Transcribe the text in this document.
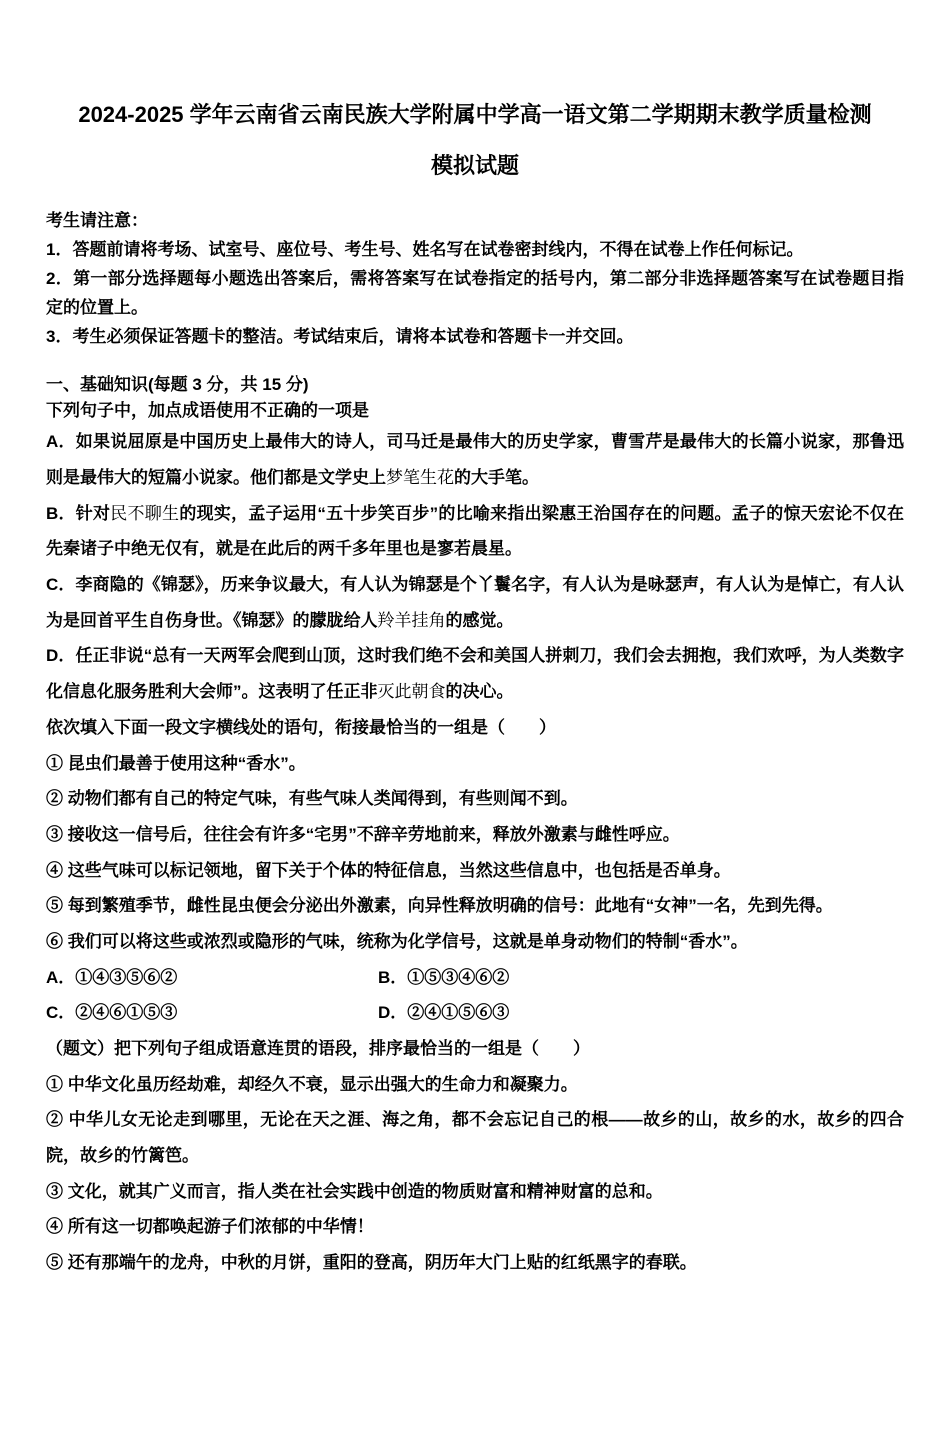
2024-2025 学年云南省云南民族大学附属中学高一语文第二学期期末教学质量检测模拟试题

考生请注意：

1．答题前请将考场、试室号、座位号、考生号、姓名写在试卷密封线内，不得在试卷上作任何标记。

2．第一部分选择题每小题选出答案后，需将答案写在试卷指定的括号内，第二部分非选择题答案写在试卷题目指定的位置上。

3．考生必须保证答题卡的整洁。考试结束后，请将本试卷和答题卡一并交回。

一、基础知识(每题 3 分，共 15 分)

下列句子中，加点成语使用不正确的一项是

A．如果说屈原是中国历史上最伟大的诗人，司马迁是最伟大的历史学家，曹雪芹是最伟大的长篇小说家，那鲁迅则是最伟大的短篇小说家。他们都是文学史上梦笔生花的大手笔。

B．针对民不聊生的现实，孟子运用“五十步笑百步”的比喻来指出梁惠王治国存在的问题。孟子的惊天宏论不仅在先秦诸子中绝无仅有，就是在此后的两千多年里也是寥若晨星。

C．李商隐的《锦瑟》，历来争议最大，有人认为锦瑟是个丫鬟名字，有人认为是咏瑟声，有人认为是悼亡，有人认为是回首平生自伤身世。《锦瑟》的朦胧给人羚羊挂角的感觉。

D．任正非说“总有一天两军会爬到山顶，这时我们绝不会和美国人拼刺刀，我们会去拥抱，我们欢呼，为人类数字化信息化服务胜利大会师”。这表明了任正非灭此朝食的决心。

依次填入下面一段文字横线处的语句，衔接最恰当的一组是（　　）

① 昆虫们最善于使用这种“香水”。

② 动物们都有自己的特定气味，有些气味人类闻得到，有些则闻不到。

③ 接收这一信号后，往往会有许多“宅男”不辞辛劳地前来，释放外激素与雌性呼应。

④ 这些气味可以标记领地，留下关于个体的特征信息，当然这些信息中，也包括是否单身。

⑤ 每到繁殖季节，雌性昆虫便会分泌出外激素，向异性释放明确的信号：此地有“女神”一名，先到先得。

⑥ 我们可以将这些或浓烈或隐形的气味，统称为化学信号，这就是单身动物们的特制“香水”。

A．①④③⑤⑥②	B．①⑤③④⑥②
C．②④⑥①⑤③	D．②④①⑤⑥③

（题文）把下列句子组成语意连贯的语段，排序最恰当的一组是（　　）

① 中华文化虽历经劫难，却经久不衰，显示出强大的生命力和凝聚力。

② 中华儿女无论走到哪里，无论在天之涯、海之角，都不会忘记自己的根——故乡的山，故乡的水，故乡的四合院，故乡的竹篱笆。

③ 文化，就其广义而言，指人类在社会实践中创造的物质财富和精神财富的总和。

④ 所有这一切都唤起游子们浓郁的中华情！

⑤ 还有那端午的龙舟，中秋的月饼，重阳的登高，阴历年大门上贴的红纸黑字的春联。
